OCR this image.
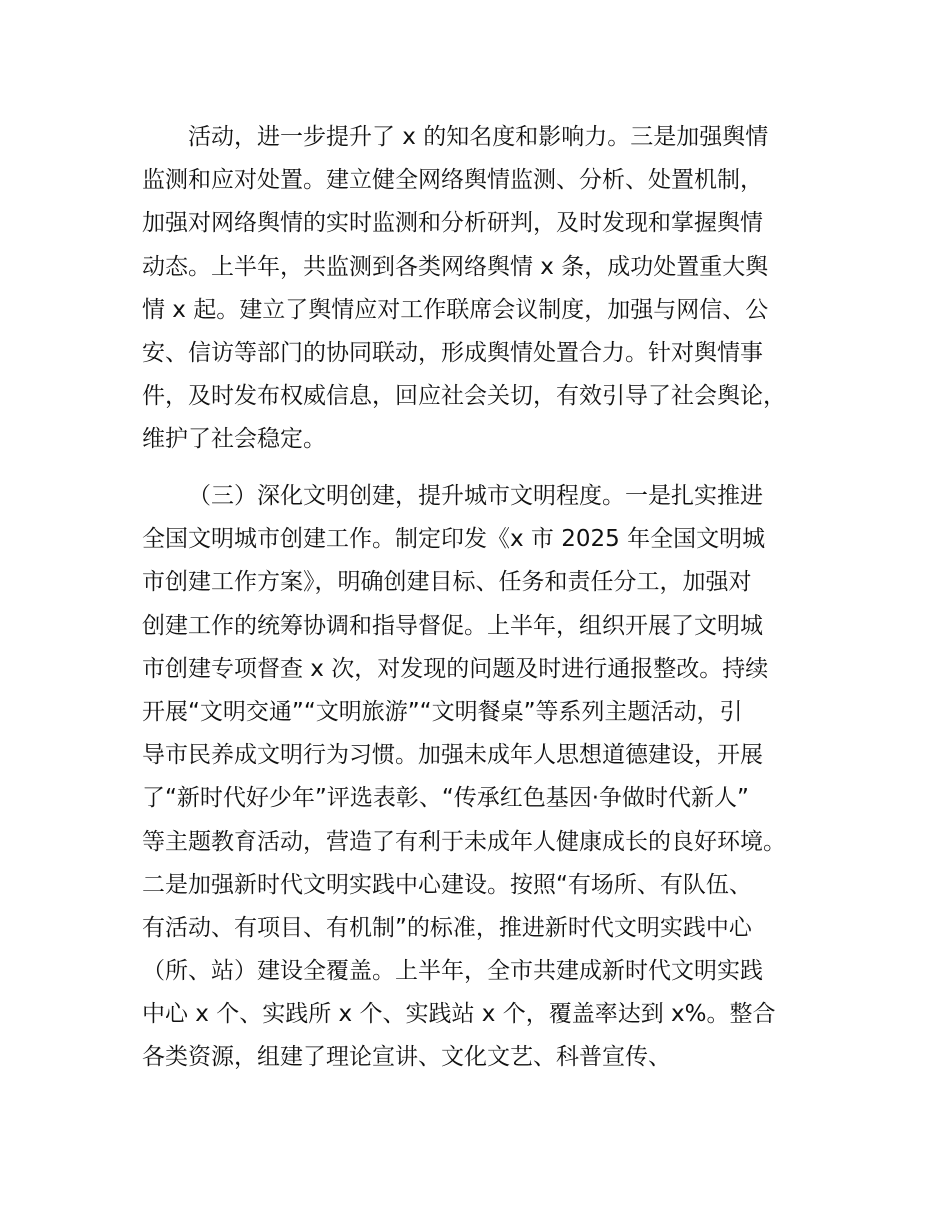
活动，进一步提升了 x 的知名度和影响力。三是加强舆情
监测和应对处置。建立健全网络舆情监测、分析、处置机制，
加强对网络舆情的实时监测和分析研判，及时发现和掌握舆情
动态。上半年，共监测到各类网络舆情 x 条，成功处置重大舆
情 x 起。建立了舆情应对工作联席会议制度，加强与网信、公
安、信访等部门的协同联动，形成舆情处置合力。针对舆情事
件，及时发布权威信息，回应社会关切，有效引导了社会舆论，
维护了社会稳定。
（三）深化文明创建，提升城市文明程度。一是扎实推进
全国文明城市创建工作。制定印发《x 市 2025 年全国文明城
市创建工作方案》，明确创建目标、任务和责任分工，加强对
创建工作的统筹协调和指导督促。上半年，组织开展了文明城
市创建专项督查 x 次，对发现的问题及时进行通报整改。持续
开展“文明交通”“文明旅游”“文明餐桌”等系列主题活动，引
导市民养成文明行为习惯。加强未成年人思想道德建设，开展
了“新时代好少年”评选表彰、“传承红色基因·争做时代新人”
等主题教育活动，营造了有利于未成年人健康成长的良好环境。
二是加强新时代文明实践中心建设。按照“有场所、有队伍、
有活动、有项目、有机制”的标准，推进新时代文明实践中心
（所、站）建设全覆盖。上半年，全市共建成新时代文明实践
中心 x 个、实践所 x 个、实践站 x 个，覆盖率达到 x%。整合
各类资源，组建了理论宣讲、文化文艺、科普宣传、
